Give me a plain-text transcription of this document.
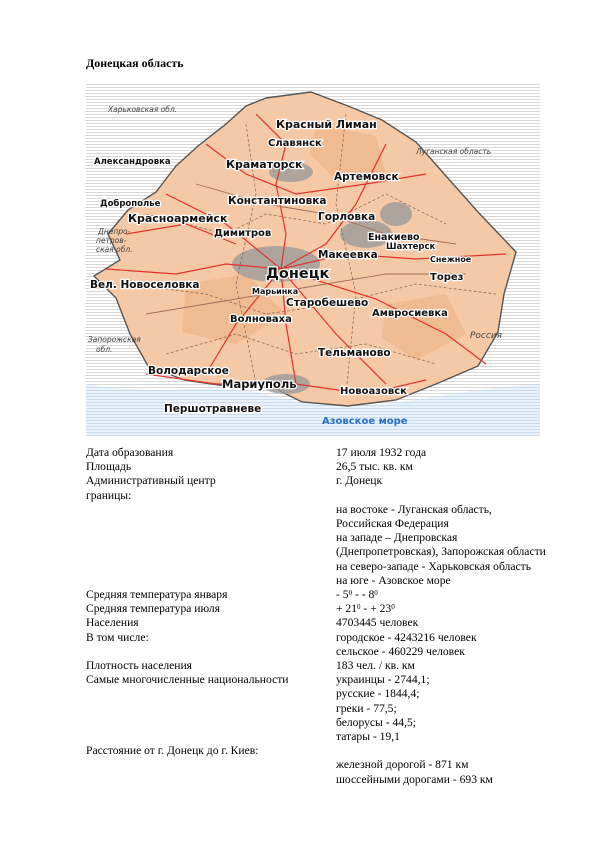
Донецкая область
Харьковская обл.
Луганская область
Днепро-
петров-
ская обл.
Запорожская
обл.
Россия
Азовское море
Красный Лиман
Славянск
Александровка	Краматорск
Артемовск
Доброполье	Константиновка
Красноармейск	Горловка
Димитров	Енакиево
Шахтерск
Снежное
Макеевка
Донецк	Торез
Вел. Новоселовка
Марьинка
Старобешево
Амвросиевка
Волноваха
Тельманово
Володарское
Мариуполь
Новоазовск
Першотравневе
Дата образования	17 июля 1932 года
Площадь	26,5 тыс. кв. км
Административный центр	г. Донецк
границы:
на востоке - Луганская область,
Российская Федерация
на западе – Днепровская
(Днепропетровская), Запорожская области
на северо-западе - Харьковская область
на юге - Азовское море
Средняя температура января	- $5^0$ - - $8^0$
Средняя температура июля	+ $21^0$ - + $23^0$
Населения	4703445 человек
В том числе:	городское - 4243216 человек
сельское - 460229 человек
Плотность населения	183 чел. / кв. км
Самые многочисленные национальности	украинцы - 2744,1;
русские - 1844,4;
греки - 77,5;
белорусы - 44,5;
татары - 19,1
Расстояние от г. Донецк до г. Киев:
железной дорогой - 871 км
шоссейными дорогами - 693 км
